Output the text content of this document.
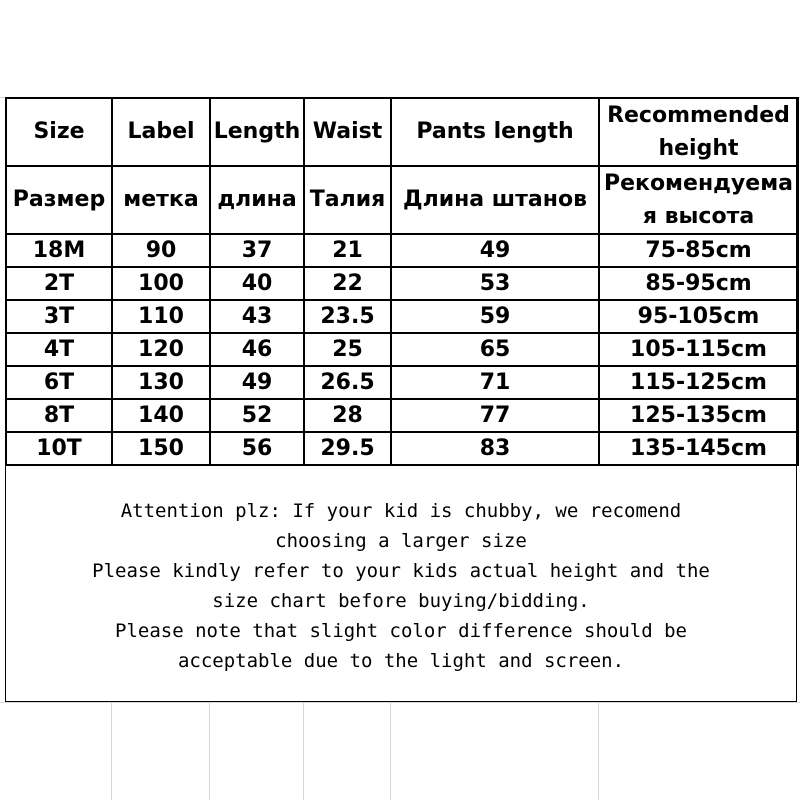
Size	Label	Length	Waist	Pants length	Recommended height
Размер	метка	длина	Талия	Длина штанов	Рекомендуема я высота
18M	90	37	21	49	75-85cm
2T	100	40	22	53	85-95cm
3T	110	43	23.5	59	95-105cm
4T	120	46	25	65	105-115cm
6T	130	49	26.5	71	115-125cm
8T	140	52	28	77	125-135cm
10T	150	56	29.5	83	135-145cm

Attention plz: If your kid is chubby, we recomend

choosing a larger size

Please kindly refer to your kids actual height and the

size chart before buying/bidding.

Please note that slight color difference should be

acceptable due to the light and screen.
